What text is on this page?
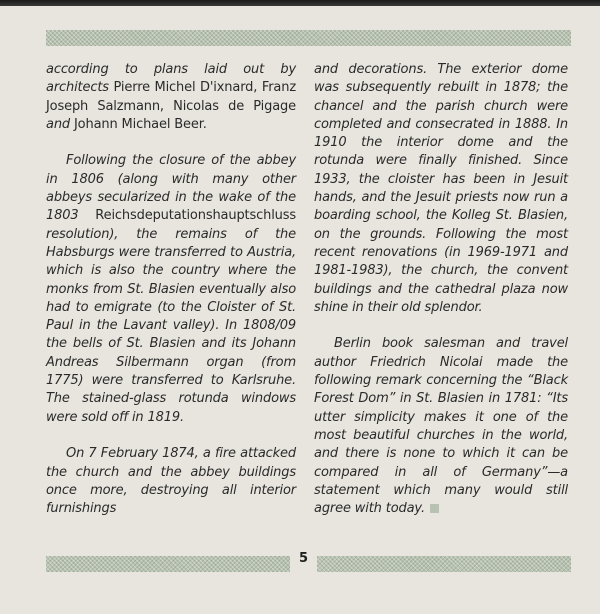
according to plans laid out by architects Pierre Michel D'ixnard, Franz Joseph Salzmann, Nicolas de Pigage and Johann Michael Beer.

Following the closure of the abbey in 1806 (along with many other abbeys secularized in the wake of the 1803 Reichsdeputationshauptschluss resolution), the remains of the Habsburgs were transferred to Austria, which is also the country where the monks from St. Blasien eventually also had to emigrate (to the Cloister of St. Paul in the Lavant valley). In 1808/09 the bells of St. Blasien and its Johann Andreas Silbermann organ (from 1775) were transferred to Karlsruhe. The stained-glass rotunda windows were sold off in 1819.

On 7 February 1874, a fire attacked the church and the abbey buildings once more, destroying all interior furnishings

and decorations. The exterior dome was subsequently rebuilt in 1878; the chancel and the parish church were completed and consecrated in 1888. In 1910 the interior dome and the rotunda were finally finished. Since 1933, the cloister has been in Jesuit hands, and the Jesuit priests now run a boarding school, the Kolleg St. Blasien, on the grounds. Following the most recent renovations (in 1969-1971 and 1981-1983), the church, the convent buildings and the cathedral plaza now shine in their old splendor.

Berlin book salesman and travel author Friedrich Nicolai made the following remark concerning the “Black Forest Dom” in St. Blasien in 1781: “Its utter simplicity makes it one of the most beautiful churches in the world, and there is none to which it can be compared in all of Germany”—a statement which many would still agree with today.

5
